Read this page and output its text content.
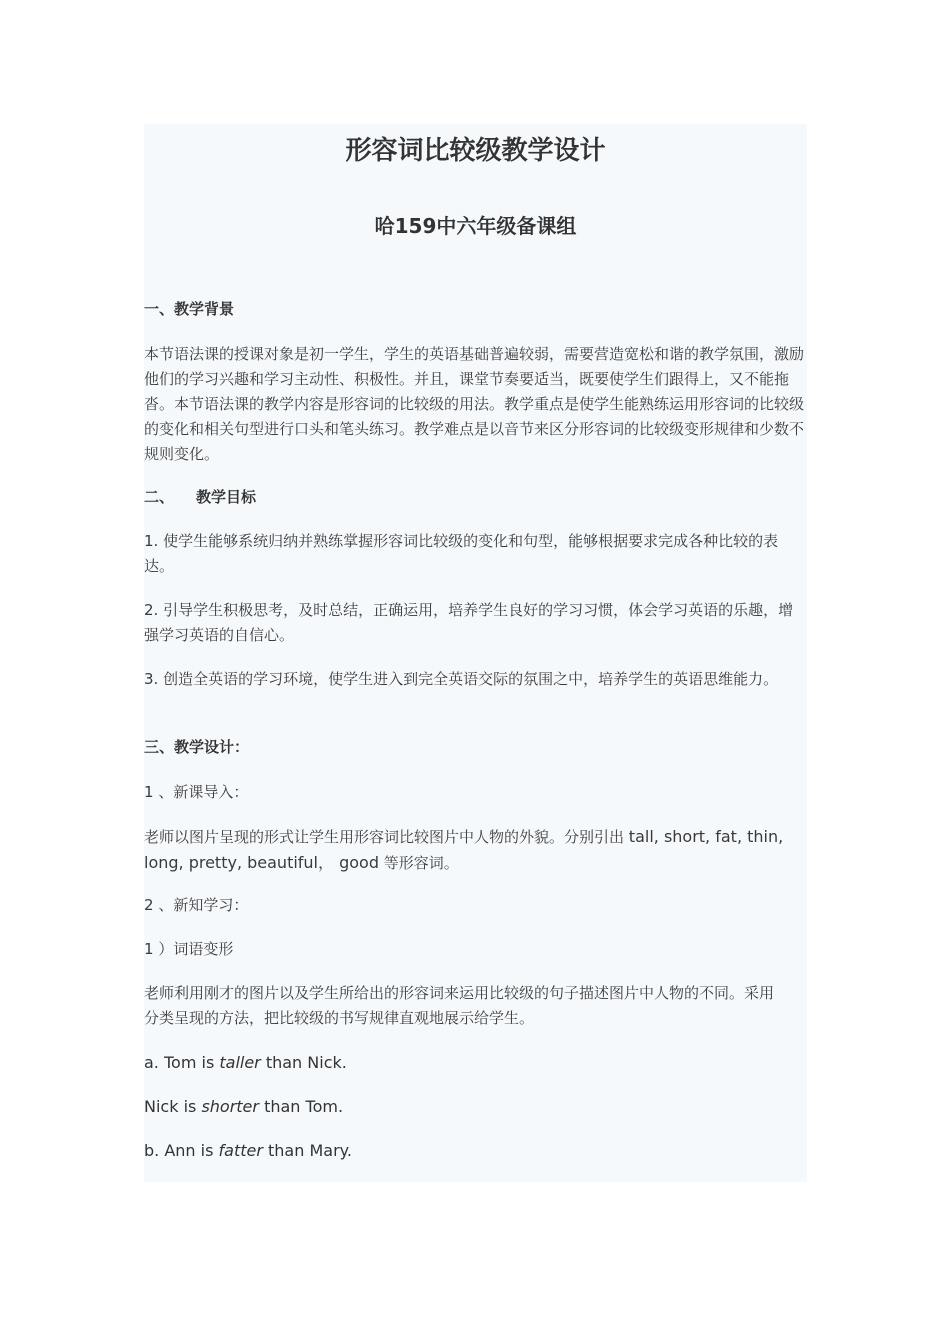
形容词比较级教学设计
哈159中六年级备课组

一、教学背景

本节语法课的授课对象是初一学生，学生的英语基础普遍较弱，需要营造宽松和谐的教学氛围，激励他们的学习兴趣和学习主动性、积极性。并且，课堂节奏要适当，既要使学生们跟得上，又不能拖沓。本节语法课的教学内容是形容词的比较级的用法。教学重点是使学生能熟练运用形容词的比较级的变化和相关句型进行口头和笔头练习。教学难点是以音节来区分形容词的比较级变形规律和少数不规则变化。

二、 教学目标

1. 使学生能够系统归纳并熟练掌握形容词比较级的变化和句型，能够根据要求完成各种比较的表达。

2. 引导学生积极思考，及时总结，正确运用，培养学生良好的学习习惯，体会学习英语的乐趣，增强学习英语的自信心。

3. 创造全英语的学习环境，使学生进入到完全英语交际的氛围之中，培养学生的英语思维能力。

三、教学设计：

1 、新课导入：

老师以图片呈现的形式让学生用形容词比较图片中人物的外貌。分别引出 tall, short, fat, thin, long, pretty, beautiful， good 等形容词。

2 、新知学习：

1 ）词语变形

老师利用刚才的图片以及学生所给出的形容词来运用比较级的句子描述图片中人物的不同。采用分类呈现的方法，把比较级的书写规律直观地展示给学生。

a. Tom is taller than Nick.

Nick is shorter than Tom.

b. Ann is fatter than Mary.
